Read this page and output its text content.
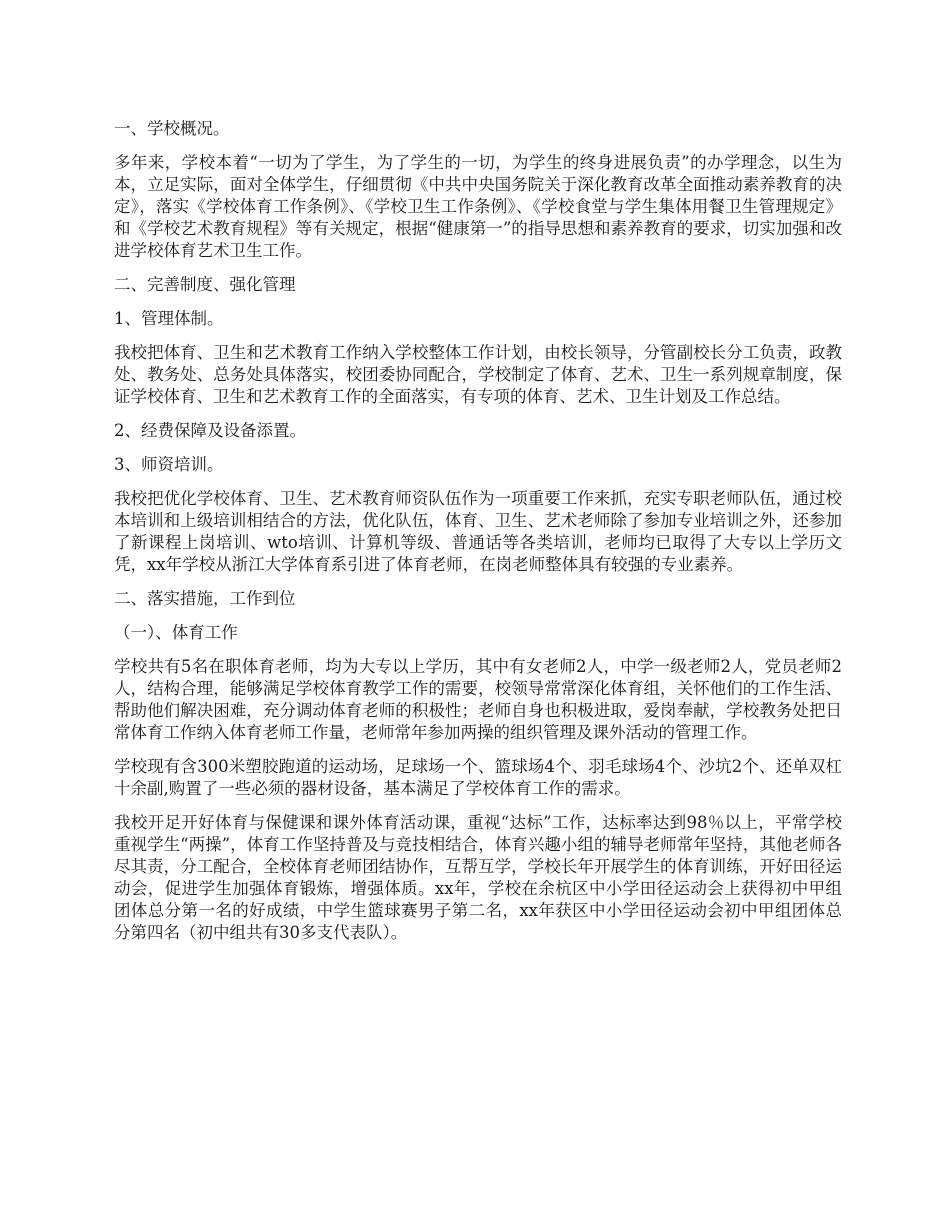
一、学校概况。
多年来，学校本着“一切为了学生，为了学生的一切，为学生的终身进展负责”的办学理念，以生为本，立足实际，面对全体学生，仔细贯彻《中共中央国务院关于深化教育改革全面推动素养教育的决定》，落实《学校体育工作条例》、《学校卫生工作条例》、《学校食堂与学生集体用餐卫生管理规定》和《学校艺术教育规程》等有关规定，根据“健康第一”的指导思想和素养教育的要求，切实加强和改进学校体育艺术卫生工作。
二、完善制度、强化管理
1、管理体制。
我校把体育、卫生和艺术教育工作纳入学校整体工作计划，由校长领导，分管副校长分工负责，政教处、教务处、总务处具体落实，校团委协同配合，学校制定了体育、艺术、卫生一系列规章制度，保证学校体育、卫生和艺术教育工作的全面落实，有专项的体育、艺术、卫生计划及工作总结。
2、经费保障及设备添置。
3、师资培训。
我校把优化学校体育、卫生、艺术教育师资队伍作为一项重要工作来抓，充实专职老师队伍，通过校本培训和上级培训相结合的方法，优化队伍，体育、卫生、艺术老师除了参加专业培训之外，还参加了新课程上岗培训、wto培训、计算机等级、普通话等各类培训，老师均已取得了大专以上学历文凭，xx年学校从浙江大学体育系引进了体育老师，在岗老师整体具有较强的专业素养。
二、落实措施，工作到位
（一）、体育工作
学校共有5名在职体育老师，均为大专以上学历，其中有女老师2人，中学一级老师2人，党员老师2人，结构合理，能够满足学校体育教学工作的需要，校领导常常深化体育组，关怀他们的工作生活、帮助他们解决困难，充分调动体育老师的积极性；老师自身也积极进取，爱岗奉献，学校教务处把日常体育工作纳入体育老师工作量，老师常年参加两操的组织管理及课外活动的管理工作。
学校现有含300米塑胶跑道的运动场，足球场一个、篮球场4个、羽毛球场4个、沙坑2个、还单双杠十余副,购置了一些必须的器材设备，基本满足了学校体育工作的需求。
我校开足开好体育与保健课和课外体育活动课，重视“达标”工作，达标率达到98％以上，平常学校重视学生“两操”，体育工作坚持普及与竞技相结合，体育兴趣小组的辅导老师常年坚持，其他老师各尽其责，分工配合，全校体育老师团结协作，互帮互学，学校长年开展学生的体育训练，开好田径运动会，促进学生加强体育锻炼，增强体质。xx年，学校在余杭区中小学田径运动会上获得初中甲组团体总分第一名的好成绩，中学生篮球赛男子第二名，xx年获区中小学田径运动会初中甲组团体总分第四名（初中组共有30多支代表队）。
